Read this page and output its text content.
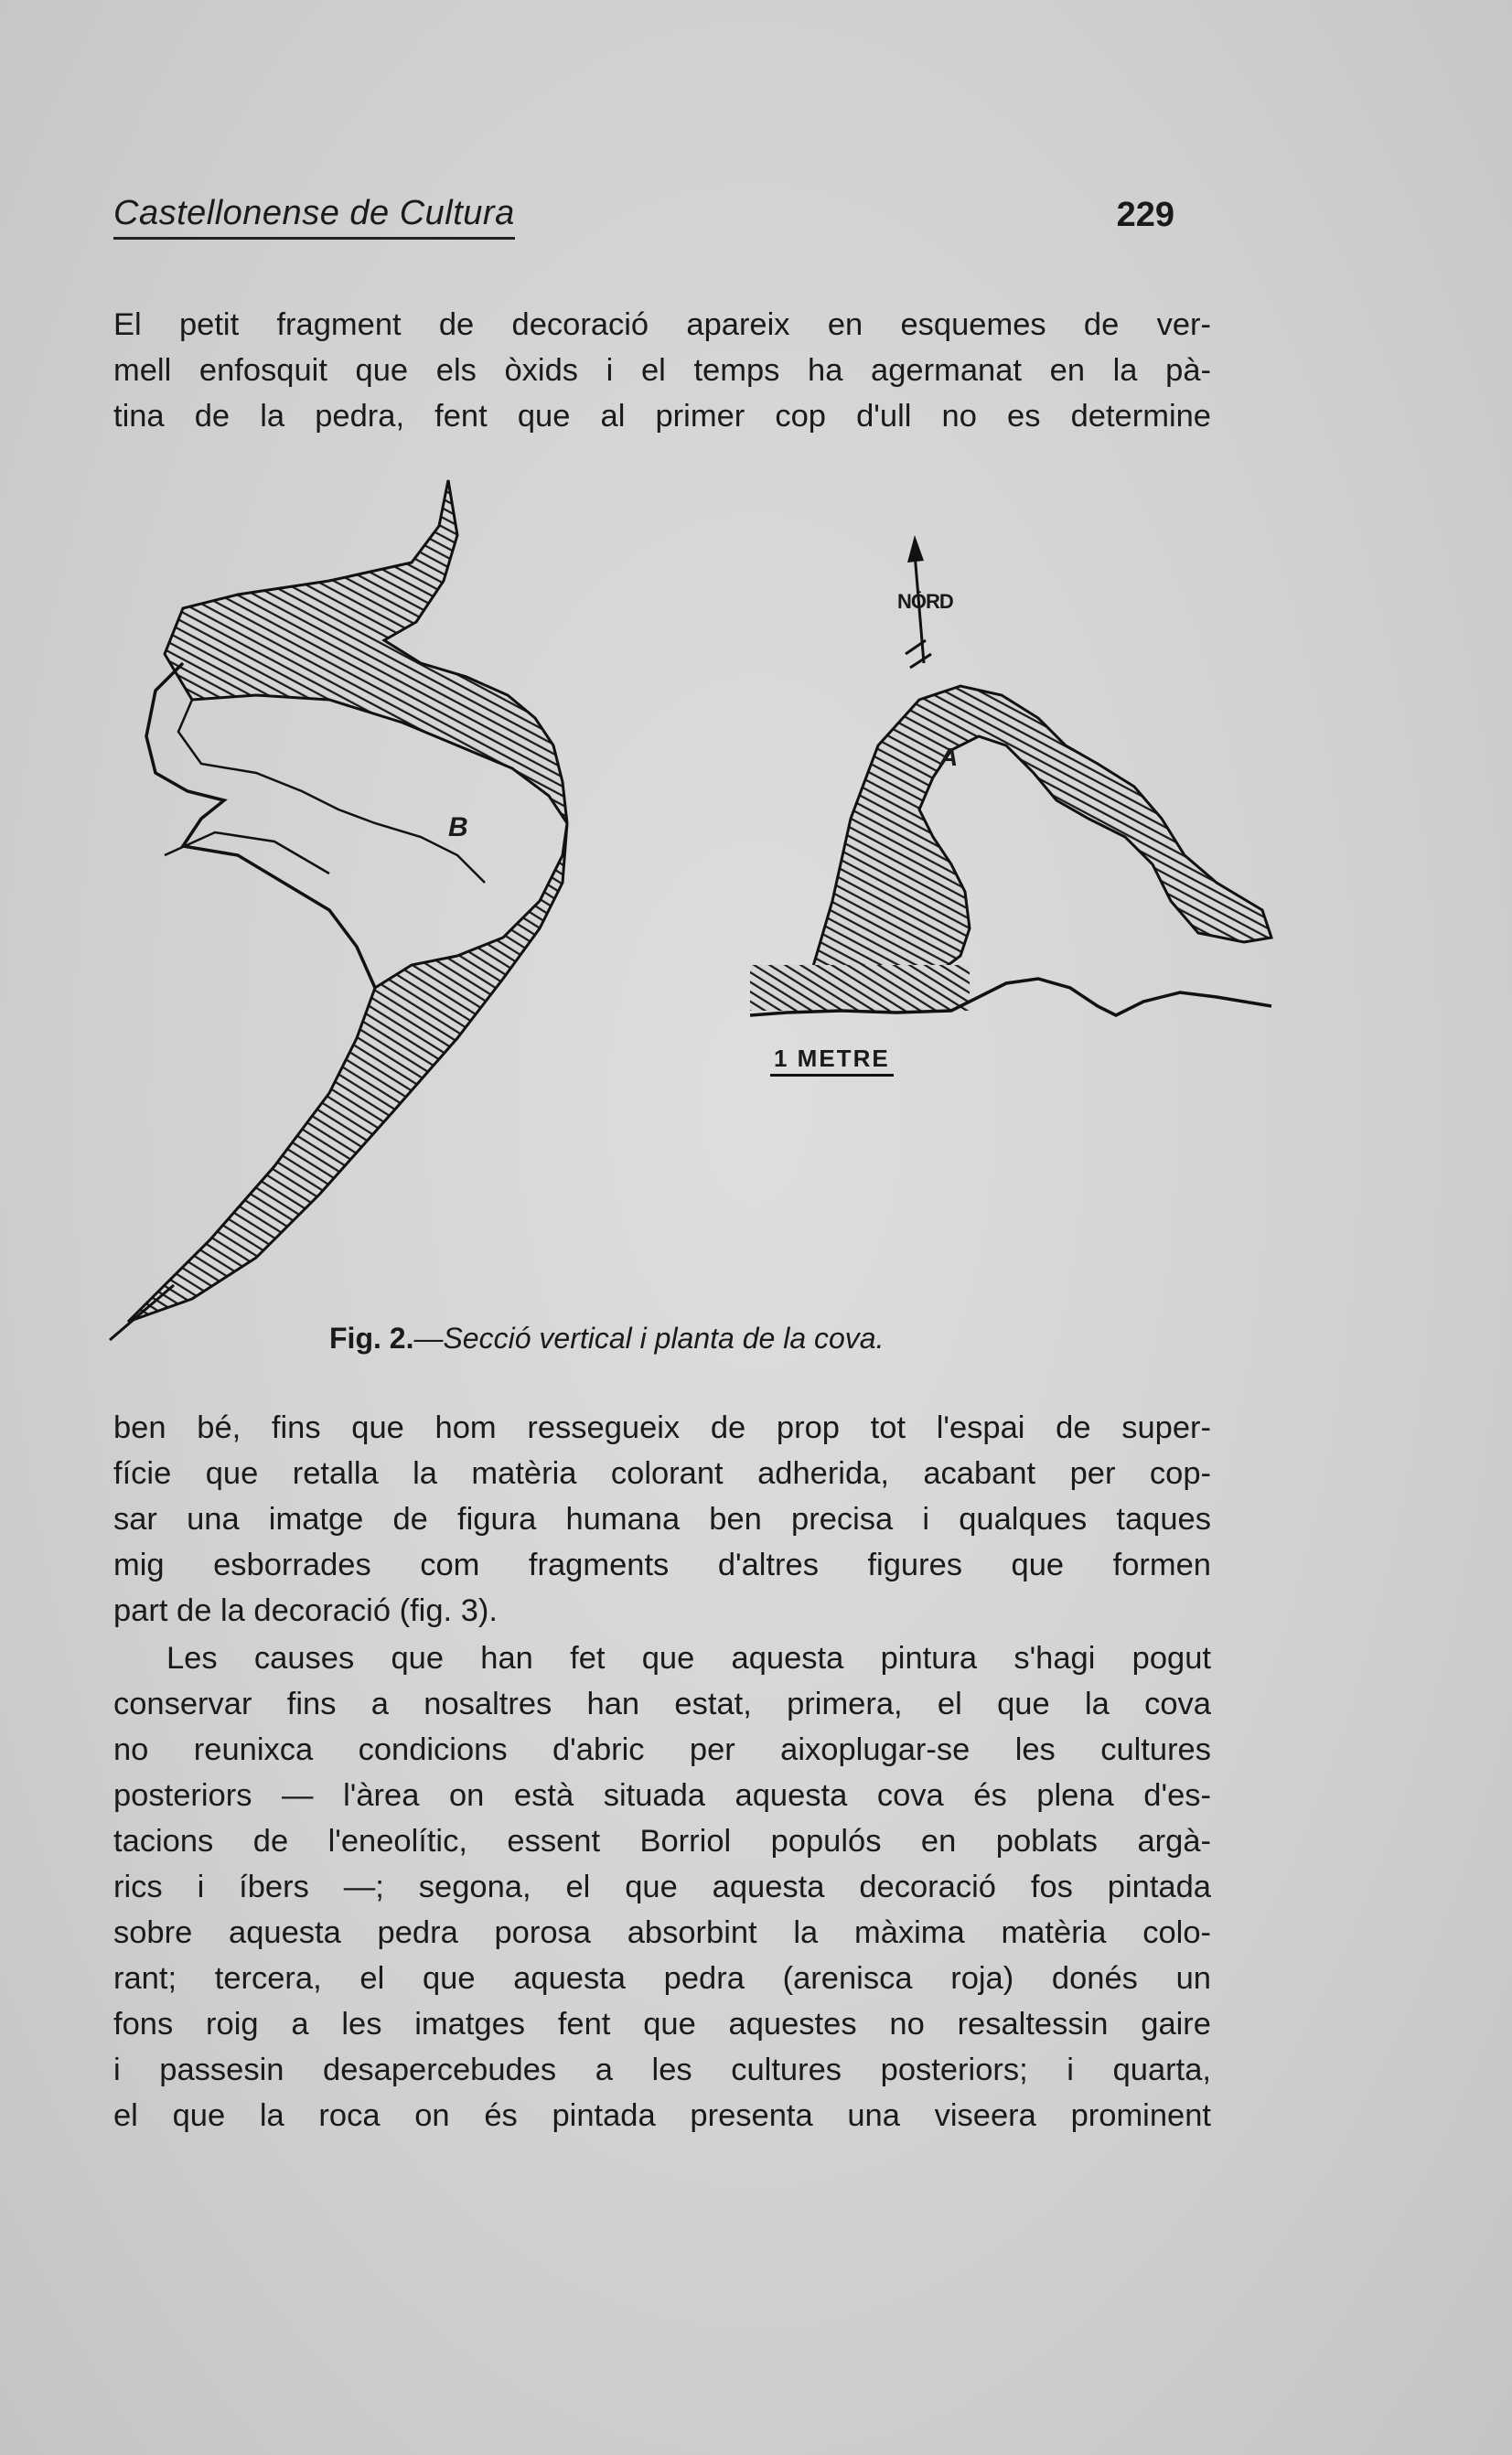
Castellonense de Cultura	229
El petit fragment de decoració apareix en esquemes de ver-
mell enfosquit que els òxids i el temps ha agermanat en la pà-
tina de la pedra, fent que al primer cop d'ull no es determine
NÒRD
B
A
1 METRE
Fig. 2.—Secció vertical i planta de la cova.
ben bé, fins que hom ressegueix de prop tot l'espai de super-
fície que retalla la matèria colorant adherida, acabant per cop-
sar una imatge de figura humana ben precisa i qualques taques
mig esborrades com fragments d'altres figures que formen
part de la decoració (fig. 3).
Les causes que han fet que aquesta pintura s'hagi pogut
conservar fins a nosaltres han estat, primera, el que la cova
no reunixca condicions d'abric per aixoplugar-se les cultures
posteriors — l'àrea on està situada aquesta cova és plena d'es-
tacions de l'eneolític, essent Borriol populós en poblats argà-
rics i íbers —; segona, el que aquesta decoració fos pintada
sobre aquesta pedra porosa absorbint la màxima matèria colo-
rant; tercera, el que aquesta pedra (arenisca roja) donés un
fons roig a les imatges fent que aquestes no resaltessin gaire
i passesin desapercebudes a les cultures posteriors; i quarta,
el que la roca on és pintada presenta una viseera prominent
